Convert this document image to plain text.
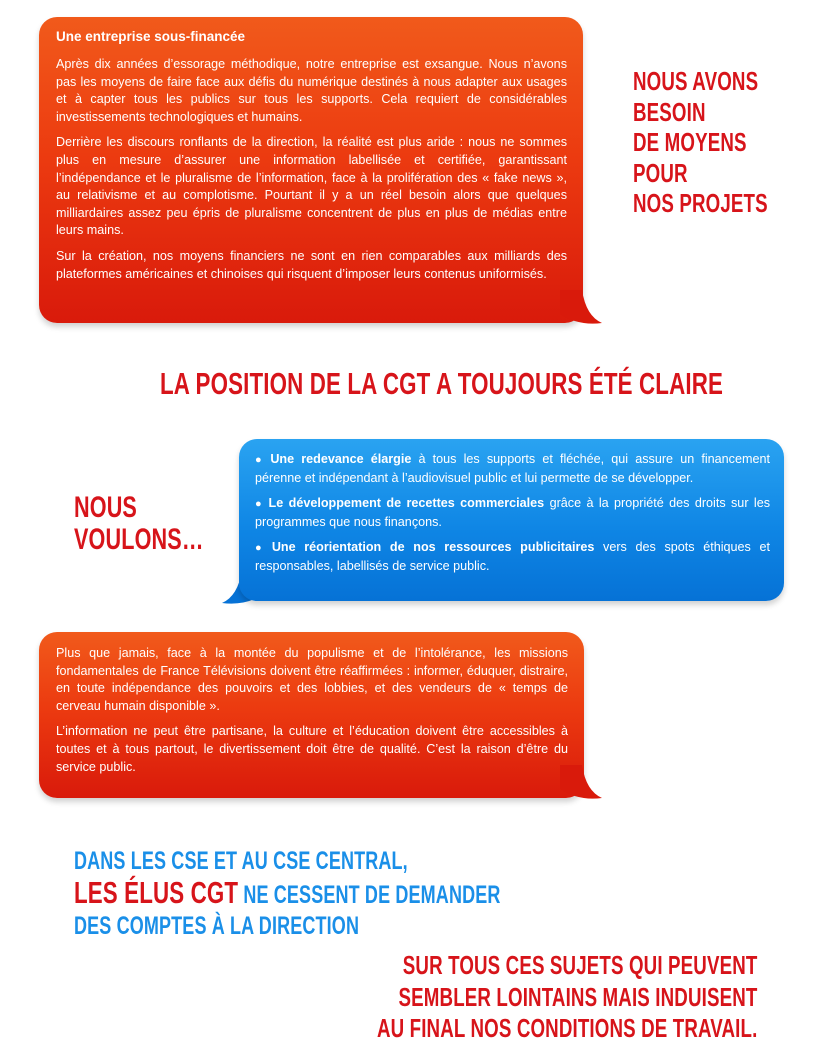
Une entreprise sous-financée

Après dix années d’essorage méthodique, notre entreprise est exsangue. Nous n’avons pas les moyens de faire face aux défis du numérique destinés à nous adapter aux usages et à capter tous les publics sur tous les supports. Cela requiert de considérables investissements technologiques et humains.

Derrière les discours ronflants de la direction, la réalité est plus aride : nous ne sommes plus en mesure d’assurer une information labellisée et certifiée, garantissant l’indépendance et le pluralisme de l’information, face à la prolifération des « fake news », au relativisme et au complotisme. Pourtant il y a un réel besoin alors que quelques milliardaires assez peu épris de pluralisme concentrent de plus en plus de médias entre leurs mains.

Sur la création, nos moyens financiers ne sont en rien comparables aux milliards des plateformes américaines et chinoises qui risquent d’imposer leurs contenus uniformisés.

NOUS AVONS
BESOIN
DE MOYENS
POUR
NOS PROJETS
LA POSITION DE LA CGT A TOUJOURS ÉTÉ CLAIRE
NOUS
VOULONS…
● Une redevance élargie à tous les supports et fléchée, qui assure un financement pérenne et indépendant à l’audiovisuel public et lui permette de se développer.
● Le développement de recettes commerciales grâce à la propriété des droits sur les programmes que nous finançons.
● Une réorientation de nos ressources publicitaires vers des spots éthiques et responsables, labellisés de service public.

Plus que jamais, face à la montée du populisme et de l’intolérance, les missions fondamentales de France Télévisions doivent être réaffirmées : informer, éduquer, distraire, en toute indépendance des pouvoirs et des lobbies, et des vendeurs de « temps de cerveau humain disponible ».

L’information ne peut être partisane, la culture et l’éducation doivent être accessibles à toutes et à tous partout, le divertissement doit être de qualité. C’est la raison d’être du service public.

DANS LES CSE ET AU CSE CENTRAL,
LES ÉLUS CGT NE CESSENT DE DEMANDER
DES COMPTES À LA DIRECTION
SUR TOUS CES SUJETS QUI PEUVENT
SEMBLER LOINTAINS MAIS INDUISENT
AU FINAL NOS CONDITIONS DE TRAVAIL.
